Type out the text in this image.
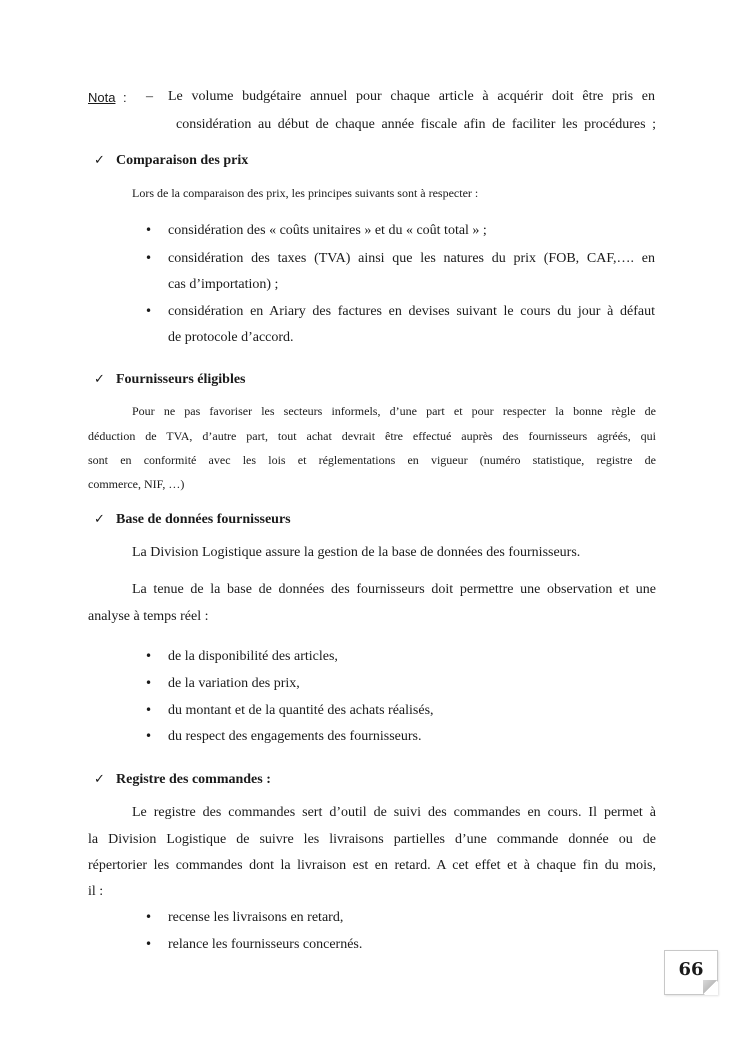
Nota : – Le volume budgétaire annuel pour chaque article à acquérir doit être pris en
considération au début de chaque année fiscale afin de faciliter les procédures ;
✓ Comparaison des prix
Lors de la comparaison des prix, les principes suivants sont à respecter :
• considération des « coûts unitaires » et du « coût total » ;
• considération des taxes (TVA) ainsi que les natures du prix (FOB, CAF,…. en
cas d’importation) ;
• considération en Ariary des factures en devises suivant le cours du jour à défaut
de protocole d’accord.
✓ Fournisseurs éligibles
Pour ne pas favoriser les secteurs informels, d’une part et pour respecter la bonne règle de
déduction de TVA, d’autre part, tout achat devrait être effectué auprès des fournisseurs agréés, qui
sont en conformité avec les lois et réglementations en vigueur (numéro statistique, registre de
commerce, NIF, …)
✓ Base de données fournisseurs
La Division Logistique assure la gestion de la base de données des fournisseurs.
La tenue de la base de données des fournisseurs doit permettre une observation et une
analyse à temps réel :
• de la disponibilité des articles,
• de la variation des prix,
• du montant et de la quantité des achats réalisés,
• du respect des engagements des fournisseurs.
✓ Registre des commandes :
Le registre des commandes sert d’outil de suivi des commandes en cours. Il permet à
la Division Logistique de suivre les livraisons partielles d’une commande donnée ou de
répertorier les commandes dont la livraison est en retard. A cet effet et à chaque fin du mois,
il :
• recense les livraisons en retard,
• relance les fournisseurs concernés.
66
